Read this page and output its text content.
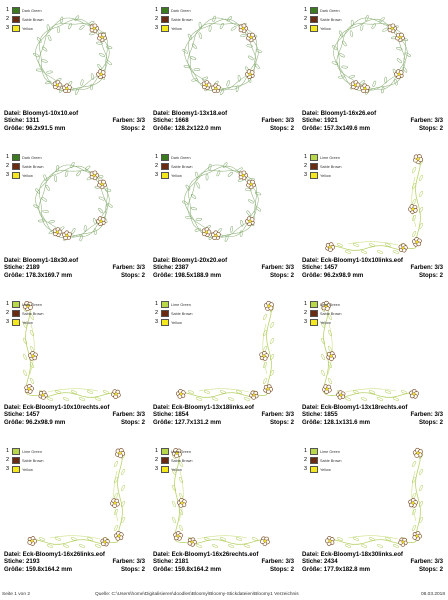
1	Dark Green
2	Sable Brown
3	Yellow
Datei: Bloomy1-10x10.eof
Stiche: 1311	Farben: 3/3
Größe: 96.2x91.5 mm	Stops: 2
1	Dark Green
2	Sable Brown
3	Yellow
Datei: Bloomy1-13x18.eof
Stiche: 1668	Farben: 3/3
Größe: 128.2x122.0 mm	Stops: 2
1	Dark Green
2	Sable Brown
3	Yellow
Datei: Bloomy1-16x26.eof
Stiche: 1921	Farben: 3/3
Größe: 157.3x149.6 mm	Stops: 2
1	Dark Green
2	Sable Brown
3	Yellow
Datei: Bloomy1-18x30.eof
Stiche: 2189	Farben: 3/3
Größe: 178.3x169.7 mm	Stops: 2
1	Dark Green
2	Sable Brown
3	Yellow
Datei: Bloomy1-20x20.eof
Stiche: 2387	Farben: 3/3
Größe: 198.5x188.9 mm	Stops: 2
1	Lime Green
2	Sable Brown
3	Yellow
Datei: Eck-Bloomy1-10x10links.eof
Stiche: 1457	Farben: 3/3
Größe: 96.2x98.9 mm	Stops: 2
1	Lime Green
2	Sable Brown
3	Yellow
Datei: Eck-Bloomy1-10x10rechts.eof
Stiche: 1457	Farben: 3/3
Größe: 96.2x98.9 mm	Stops: 2
1	Lime Green
2	Sable Brown
3	Yellow
Datei: Eck-Bloomy1-13x18links.eof
Stiche: 1854	Farben: 3/3
Größe: 127.7x131.2 mm	Stops: 2
1	Lime Green
2	Sable Brown
3	Yellow
Datei: Eck-Bloomy1-13x18rechts.eof
Stiche: 1855	Farben: 3/3
Größe: 128.1x131.6 mm	Stops: 2
1	Lime Green
2	Sable Brown
3	Yellow
Datei: Eck-Bloomy1-16x26links.eof
Stiche: 2193	Farben: 3/3
Größe: 159.8x164.2 mm	Stops: 2
1	Lime Green
2	Sable Brown
3	Yellow
Datei: Eck-Bloomy1-16x26rechts.eof
Stiche: 2181	Farben: 3/3
Größe: 159.8x164.2 mm	Stops: 2
1	Lime Green
2	Sable Brown
3	Yellow
Datei: Eck-Bloomy1-18x30links.eof
Stiche: 2434	Farben: 3/3
Größe: 177.9x182.8 mm	Stops: 2
Seite 1 von 2	Quelle: C:\Users\home\Digitalisieren\doodles\Bloomy\Bloomy-Stickdateien\Bloomy1 Verzeichnis	08.03.2018
